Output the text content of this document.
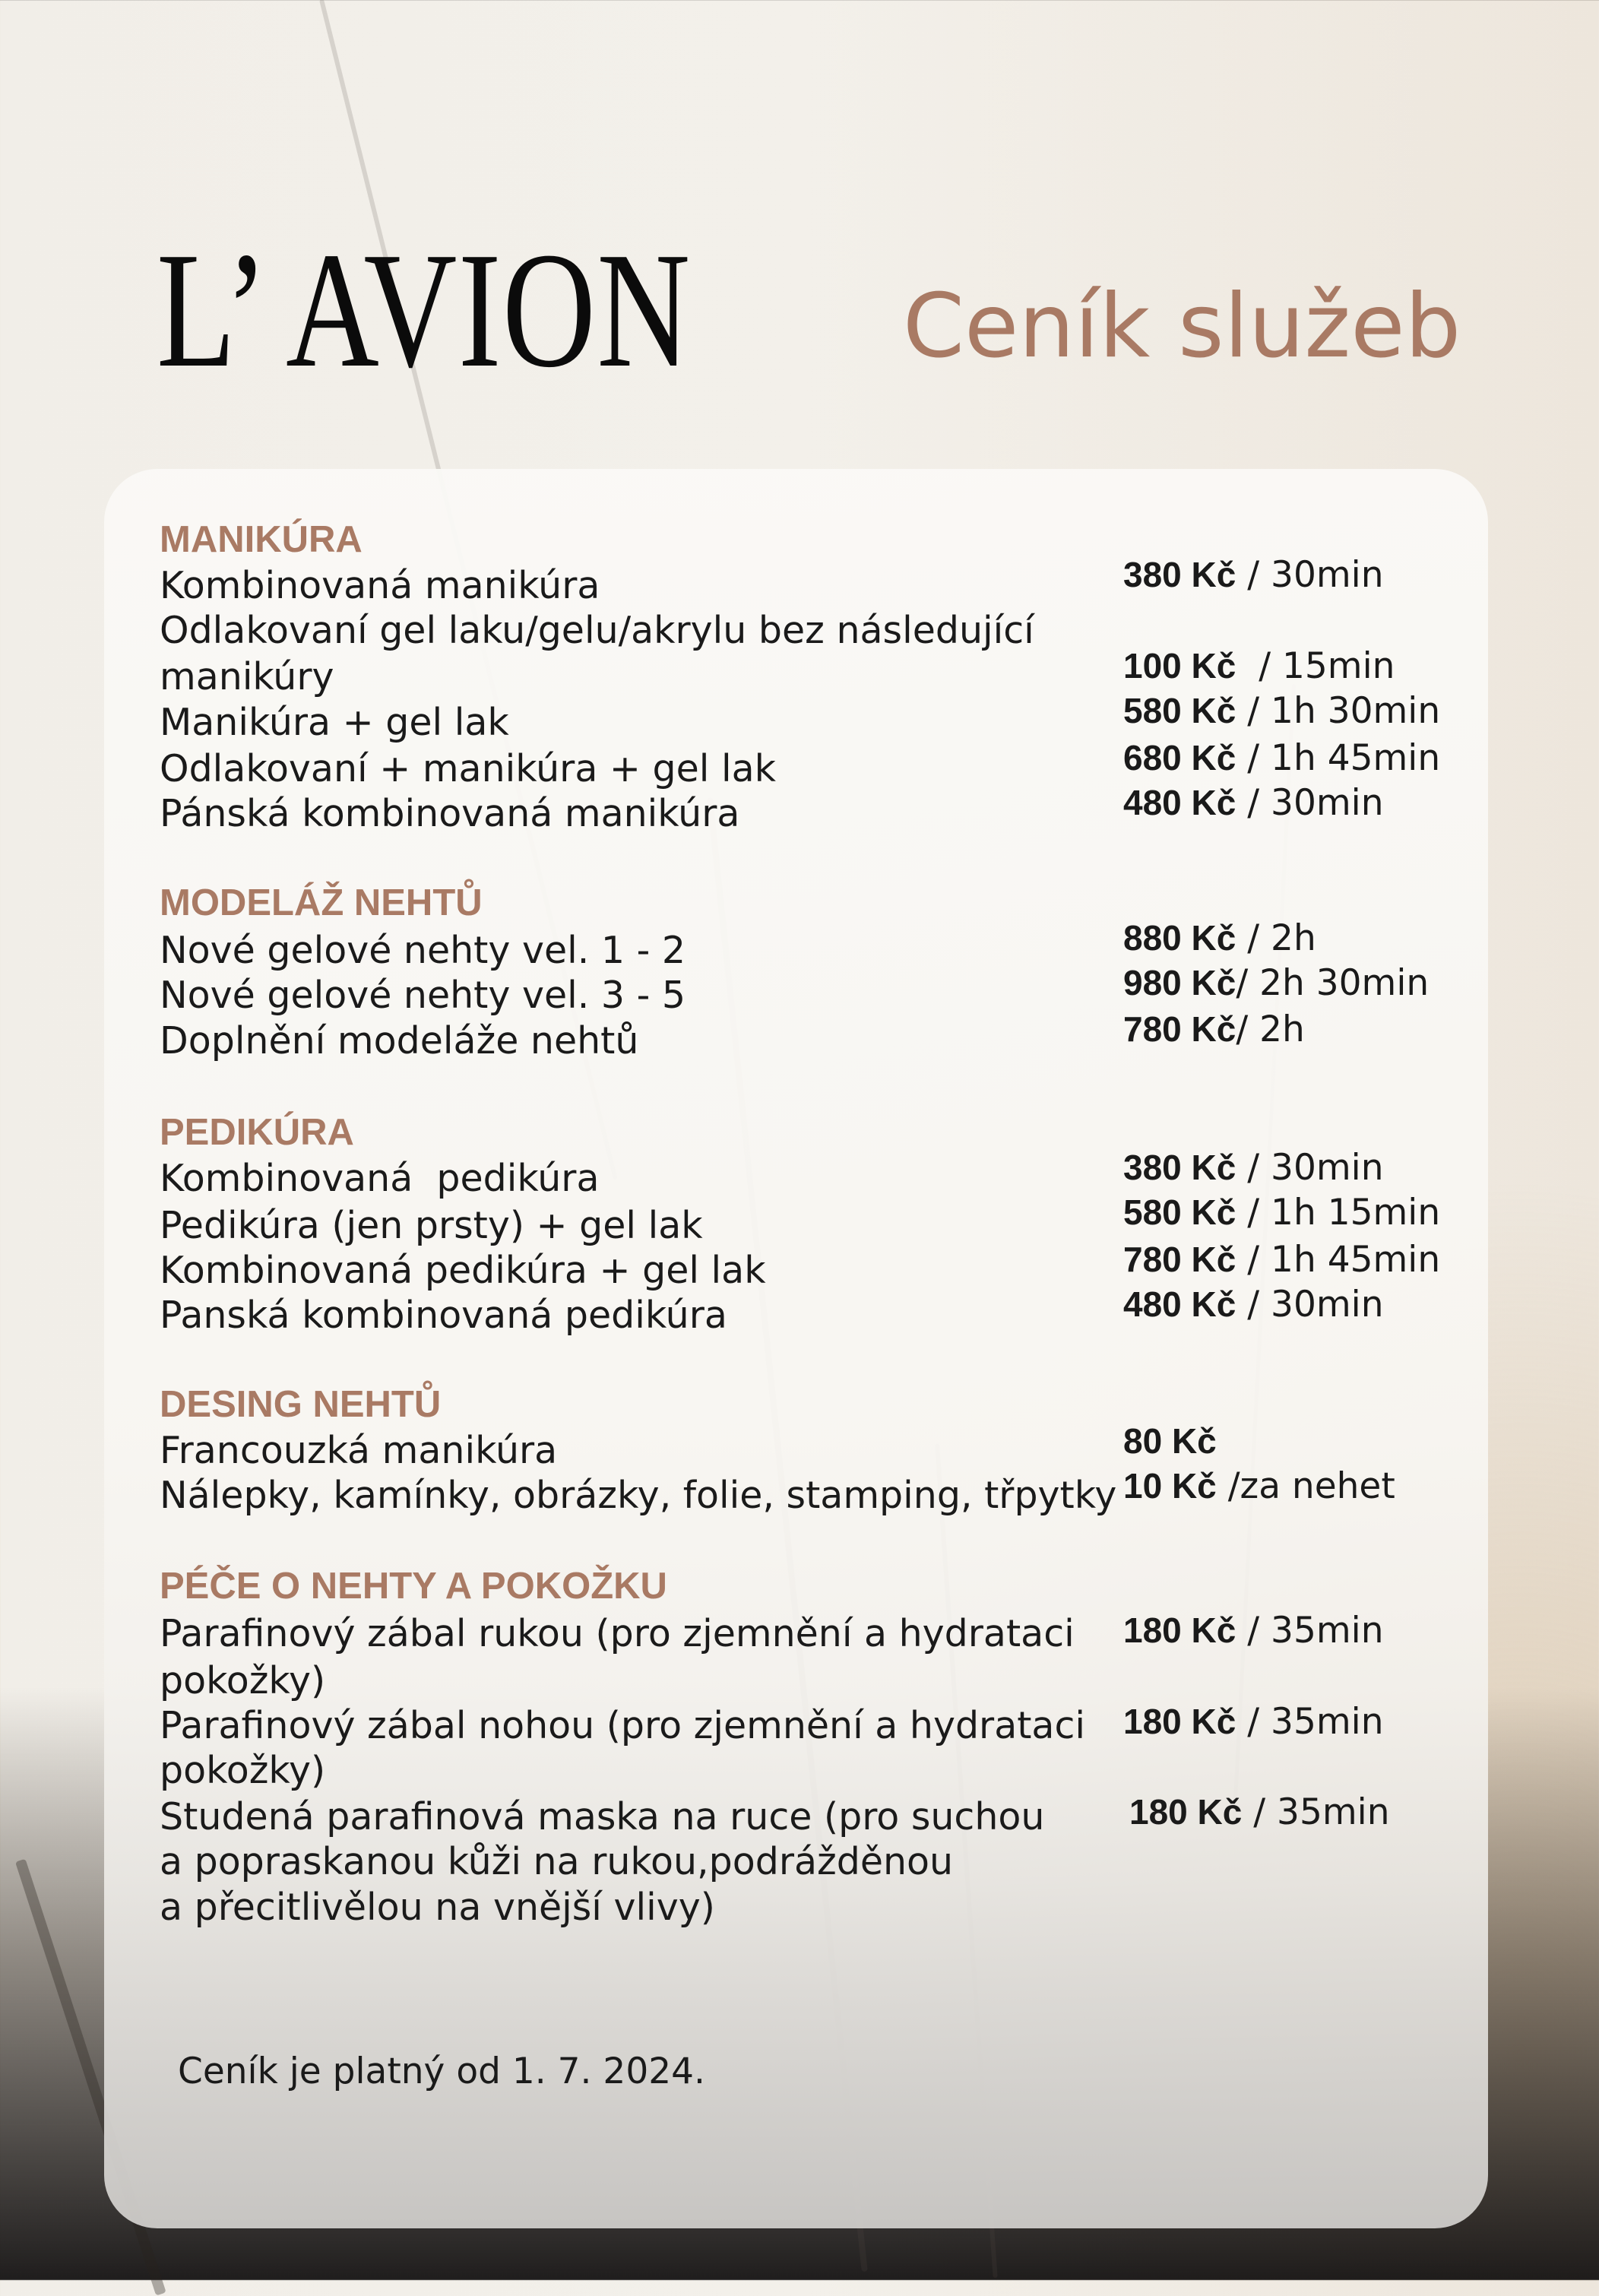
L’ AVION Ceník služeb
MANIKÚRA
Kombinovaná manikúra
Odlakovaní gel laku/gelu/akrylu bez následující
manikúry
Manikúra + gel lak
Odlakovaní + manikúra + gel lak
Pánská kombinovaná manikúra
380 Kč / 30min
100 Kč  / 15min
580 Kč / 1h 30min
680 Kč / 1h 45min
480 Kč / 30min
MODELÁŽ NEHTŮ
Nové gelové nehty vel. 1 - 2
Nové gelové nehty vel. 3 - 5
Doplnění modeláže nehtů
880 Kč / 2h
980 Kč/ 2h 30min
780 Kč/ 2h
PEDIKÚRA
Kombinovaná  pedikúra
Pedikúra (jen prsty) + gel lak
Kombinovaná pedikúra + gel lak
Panská kombinovaná pedikúra
380 Kč / 30min
580 Kč / 1h 15min
780 Kč / 1h 45min
480 Kč / 30min
DESING NEHTŮ
Francouzká manikúra
Nálepky, kamínky, obrázky, folie, stamping, třpytky
80 Kč
10 Kč /za nehet
PÉČE O NEHTY A POKOŽKU
Parafinový zábal rukou (pro zjemnění a hydrataci
pokožky)
Parafinový zábal nohou (pro zjemnění a hydrataci
pokožky)
Studená parafinová maska na ruce (pro suchou
a popraskanou kůži na rukou,podrážděnou
a přecitlivělou na vnější vlivy)
180 Kč / 35min
180 Kč / 35min
180 Kč / 35min
Ceník je platný od 1. 7. 2024.
